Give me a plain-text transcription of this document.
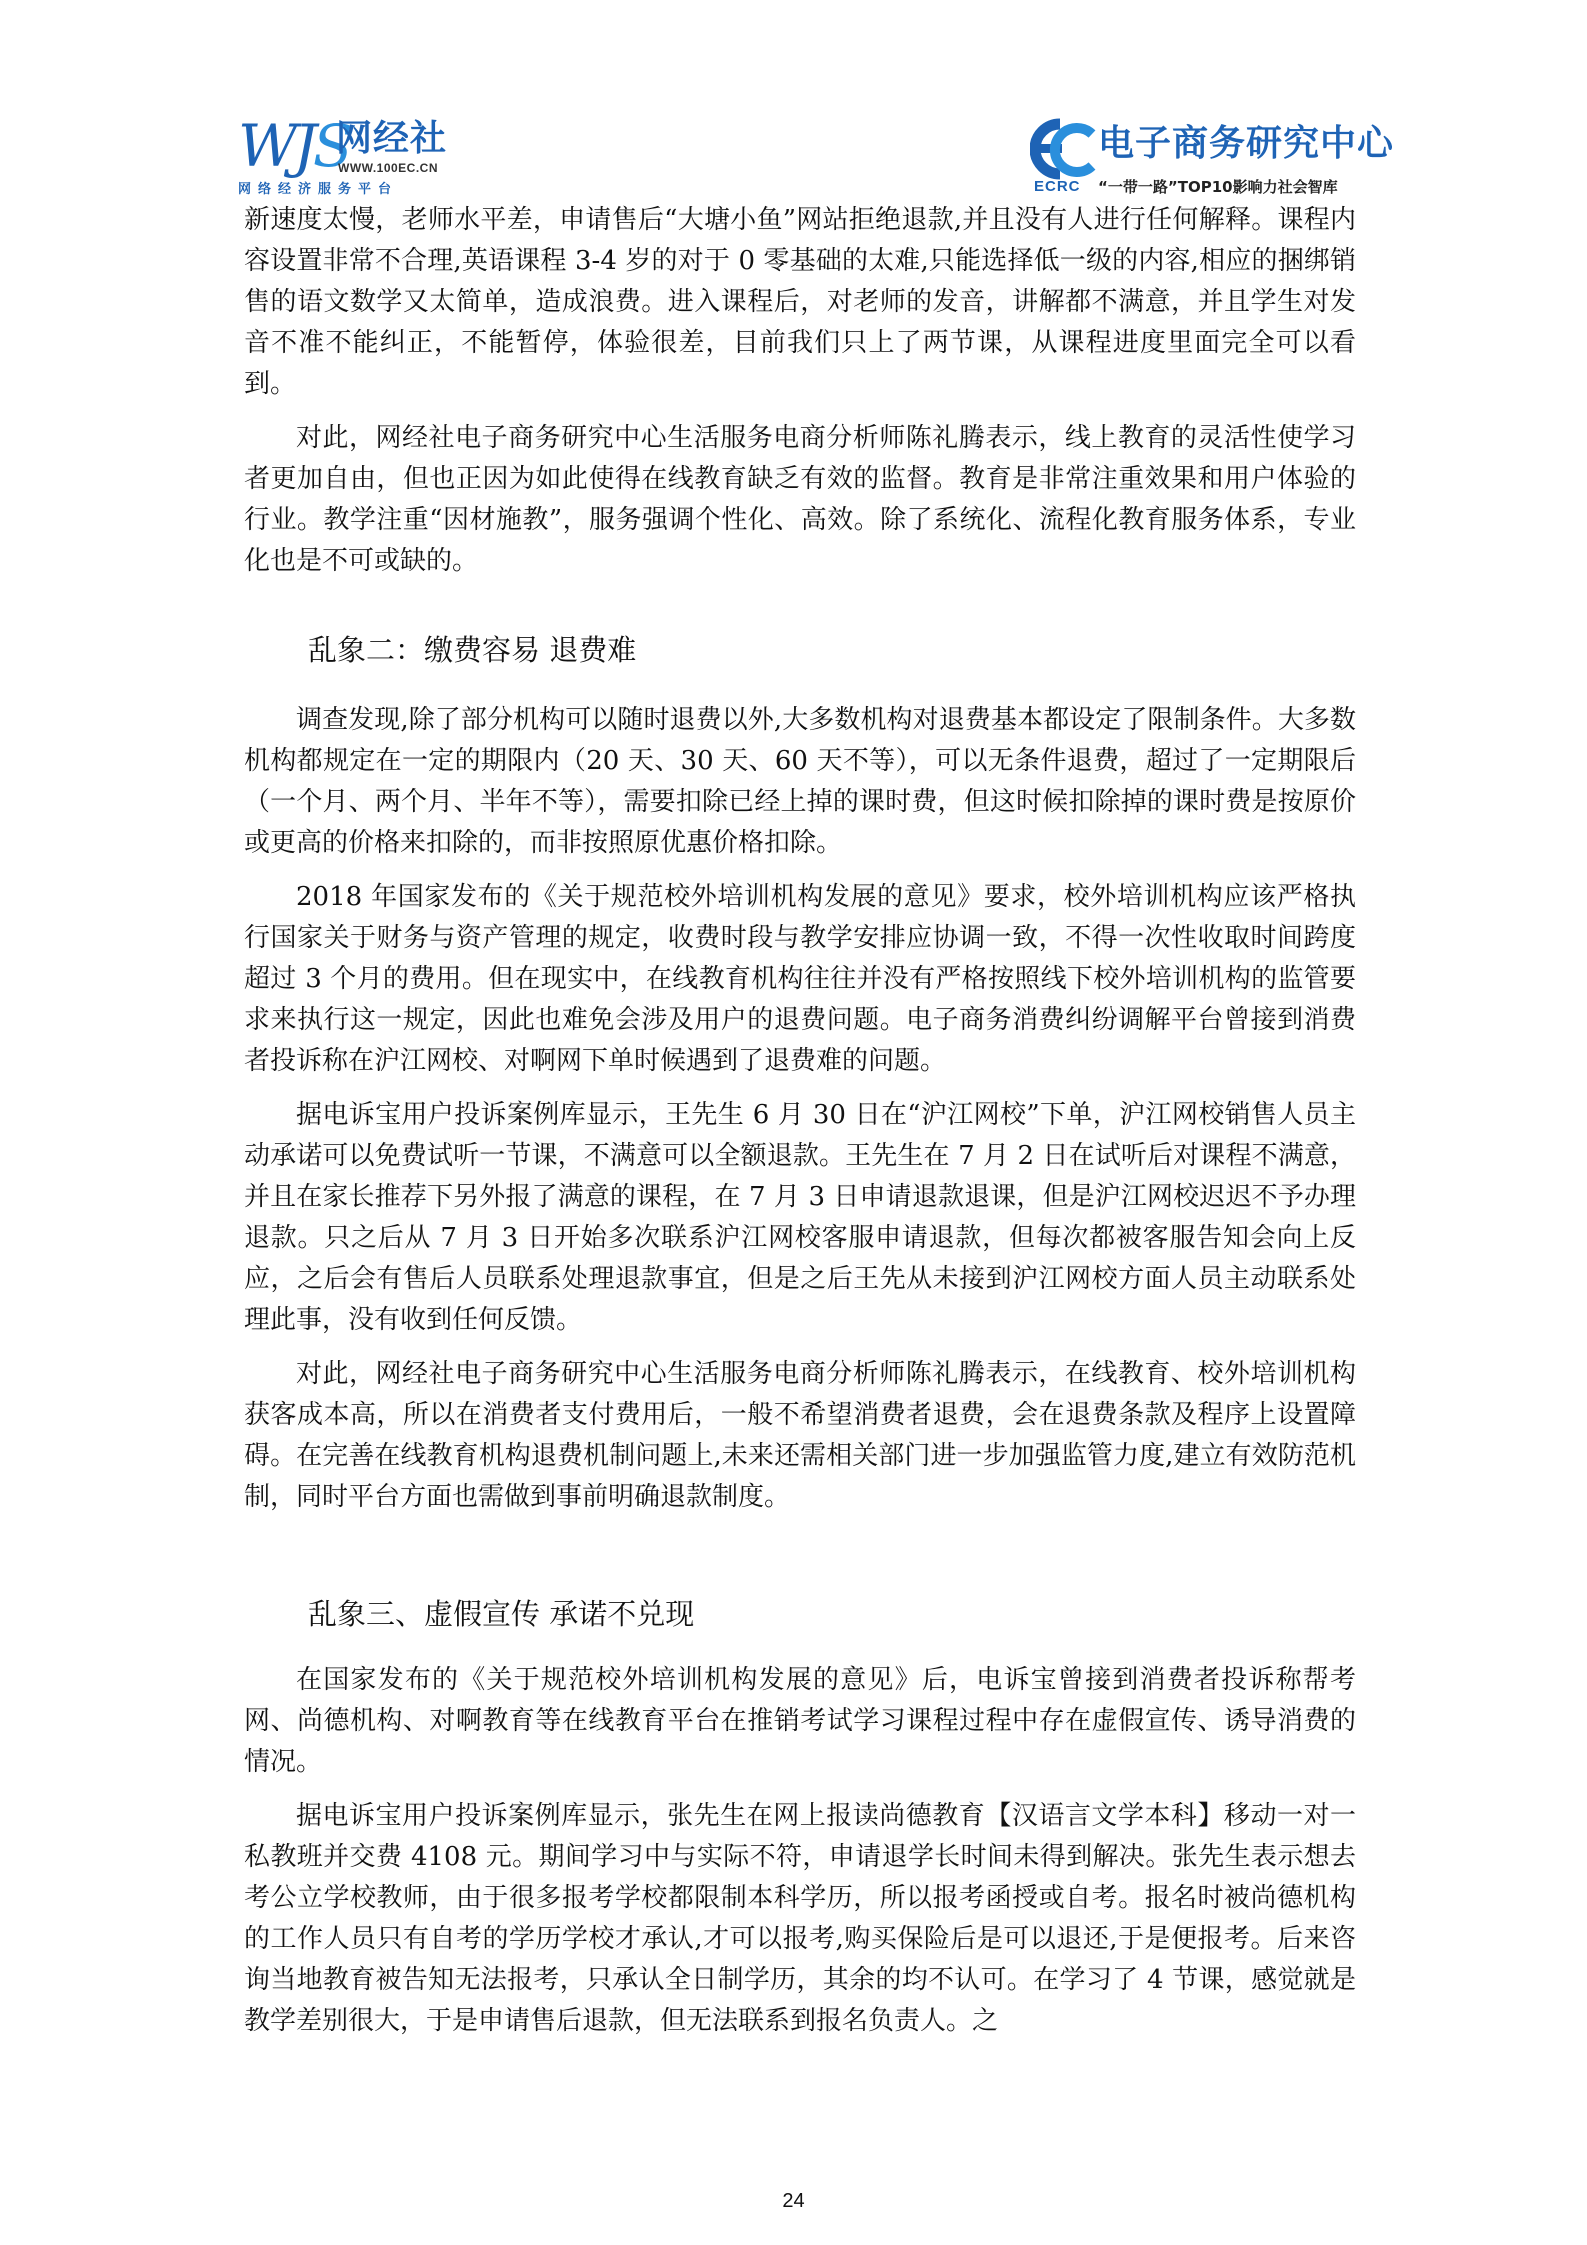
WJS
网经社
WWW.100EC.CN
网络经济服务平台
电子商务研究中心
ECRC “一带一路”TOP10影响力社会智库

新速度太慢，老师水平差，申请售后“大塘小鱼”网站拒绝退款,并且没有人进行任何解释。课程内容设置非常不合理,英语课程 3-4 岁的对于 0 零基础的太难,只能选择低一级的内容,相应的捆绑销售的语文数学又太简单，造成浪费。进入课程后，对老师的发音，讲解都不满意，并且学生对发音不准不能纠正，不能暂停，体验很差，目前我们只上了两节课，从课程进度里面完全可以看到。

对此，网经社电子商务研究中心生活服务电商分析师陈礼腾表示，线上教育的灵活性使学习者更加自由，但也正因为如此使得在线教育缺乏有效的监督。教育是非常注重效果和用户体验的行业。教学注重“因材施教”，服务强调个性化、高效。除了系统化、流程化教育服务体系，专业化也是不可或缺的。

乱象二：缴费容易 退费难

调查发现,除了部分机构可以随时退费以外,大多数机构对退费基本都设定了限制条件。大多数机构都规定在一定的期限内（20 天、30 天、60 天不等），可以无条件退费，超过了一定期限后（一个月、两个月、半年不等），需要扣除已经上掉的课时费，但这时候扣除掉的课时费是按原价或更高的价格来扣除的，而非按照原优惠价格扣除。

2018 年国家发布的《关于规范校外培训机构发展的意见》要求，校外培训机构应该严格执行国家关于财务与资产管理的规定，收费时段与教学安排应协调一致，不得一次性收取时间跨度超过 3 个月的费用。但在现实中，在线教育机构往往并没有严格按照线下校外培训机构的监管要求来执行这一规定，因此也难免会涉及用户的退费问题。电子商务消费纠纷调解平台曾接到消费者投诉称在沪江网校、对啊网下单时候遇到了退费难的问题。

据电诉宝用户投诉案例库显示，王先生 6 月 30 日在“沪江网校”下单，沪江网校销售人员主动承诺可以免费试听一节课，不满意可以全额退款。王先生在 7 月 2 日在试听后对课程不满意，并且在家长推荐下另外报了满意的课程，在 7 月 3 日申请退款退课，但是沪江网校迟迟不予办理退款。只之后从 7 月 3 日开始多次联系沪江网校客服申请退款，但每次都被客服告知会向上反应，之后会有售后人员联系处理退款事宜，但是之后王先从未接到沪江网校方面人员主动联系处理此事，没有收到任何反馈。

对此，网经社电子商务研究中心生活服务电商分析师陈礼腾表示，在线教育、校外培训机构获客成本高，所以在消费者支付费用后，一般不希望消费者退费，会在退费条款及程序上设置障碍。在完善在线教育机构退费机制问题上,未来还需相关部门进一步加强监管力度,建立有效防范机制，同时平台方面也需做到事前明确退款制度。

乱象三、虚假宣传 承诺不兑现

在国家发布的《关于规范校外培训机构发展的意见》后，电诉宝曾接到消费者投诉称帮考网、尚德机构、对啊教育等在线教育平台在推销考试学习课程过程中存在虚假宣传、诱导消费的情况。

据电诉宝用户投诉案例库显示，张先生在网上报读尚德教育【汉语言文学本科】移动一对一私教班并交费 4108 元。期间学习中与实际不符，申请退学长时间未得到解决。张先生表示想去考公立学校教师，由于很多报考学校都限制本科学历，所以报考函授或自考。报名时被尚德机构的工作人员只有自考的学历学校才承认,才可以报考,购买保险后是可以退还,于是便报考。后来咨询当地教育被告知无法报考，只承认全日制学历，其余的均不认可。在学习了 4 节课，感觉就是教学差别很大，于是申请售后退款，但无法联系到报名负责人。之

24
